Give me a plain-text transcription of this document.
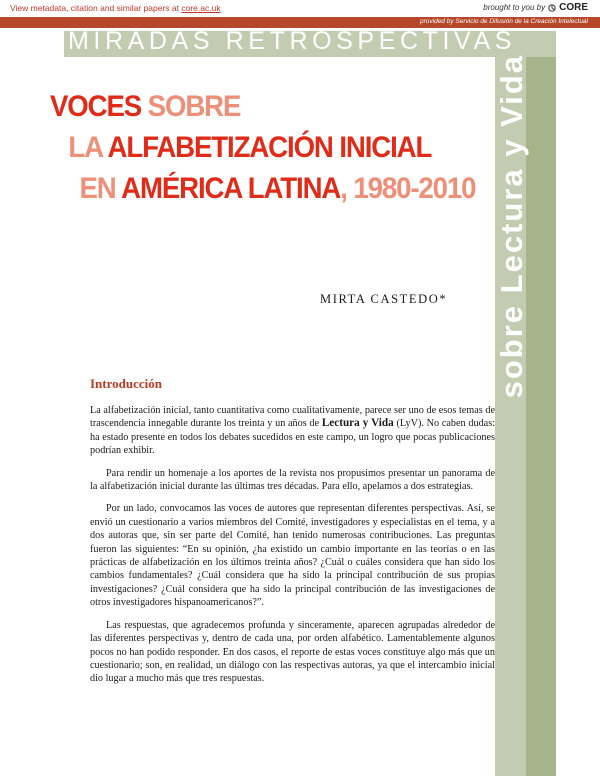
View metadata, citation and similar papers at core.ac.uk	brought to you by CORE
provided by Servicio de Difusión de la Creación Intelectual
MIRADAS RETROSPECTIVAS
sobre Lectura y Vida
VOCES SOBRE
LA ALFABETIZACIÓN INICIAL
EN AMÉRICA LATINA, 1980-2010
MIRTA CASTEDO*
Introducción

La alfabetización inicial, tanto cuantitativa como cualitativamente, parece ser uno de esos temas de trascendencia innegable durante los treinta y un años de Lectura y Vida (LyV). No caben dudas: ha estado presente en todos los debates sucedidos en este campo, un logro que pocas publicaciones podrían exhibir.

Para rendir un homenaje a los aportes de la revista nos propusimos presentar un panorama de la alfabetización inicial durante las últimas tres décadas. Para ello, apelamos a dos estrategias.

Por un lado, convocamos las voces de autores que representan diferentes perspectivas. Así, se envió un cuestionario a varios miembros del Comité, investigadores y especialistas en el tema, y a dos autoras que, sin ser parte del Comité, han tenido numerosas contribuciones. Las preguntas fueron las siguientes: “En su opinión, ¿ha existido un cambio importante en las teorías o en las prácticas de alfabetización en los últimos treinta años? ¿Cuál o cuáles considera que han sido los cambios fundamentales? ¿Cuál considera que ha sido la principal contribución de sus propias investigaciones? ¿Cuál considera que ha sido la principal contribución de las investigaciones de otros investigadores hispanoamericanos?”.

Las respuestas, que agradecemos profunda y sinceramente, aparecen agrupadas alrededor de las diferentes perspectivas y, dentro de cada una, por orden alfabético. Lamentablemente algunos pocos no han podido responder. En dos casos, el reporte de estas voces constituye algo más que un cuestionario; son, en realidad, un diálogo con las respectivas autoras, ya que el intercambio inicial dio lugar a mucho más que tres respuestas.
